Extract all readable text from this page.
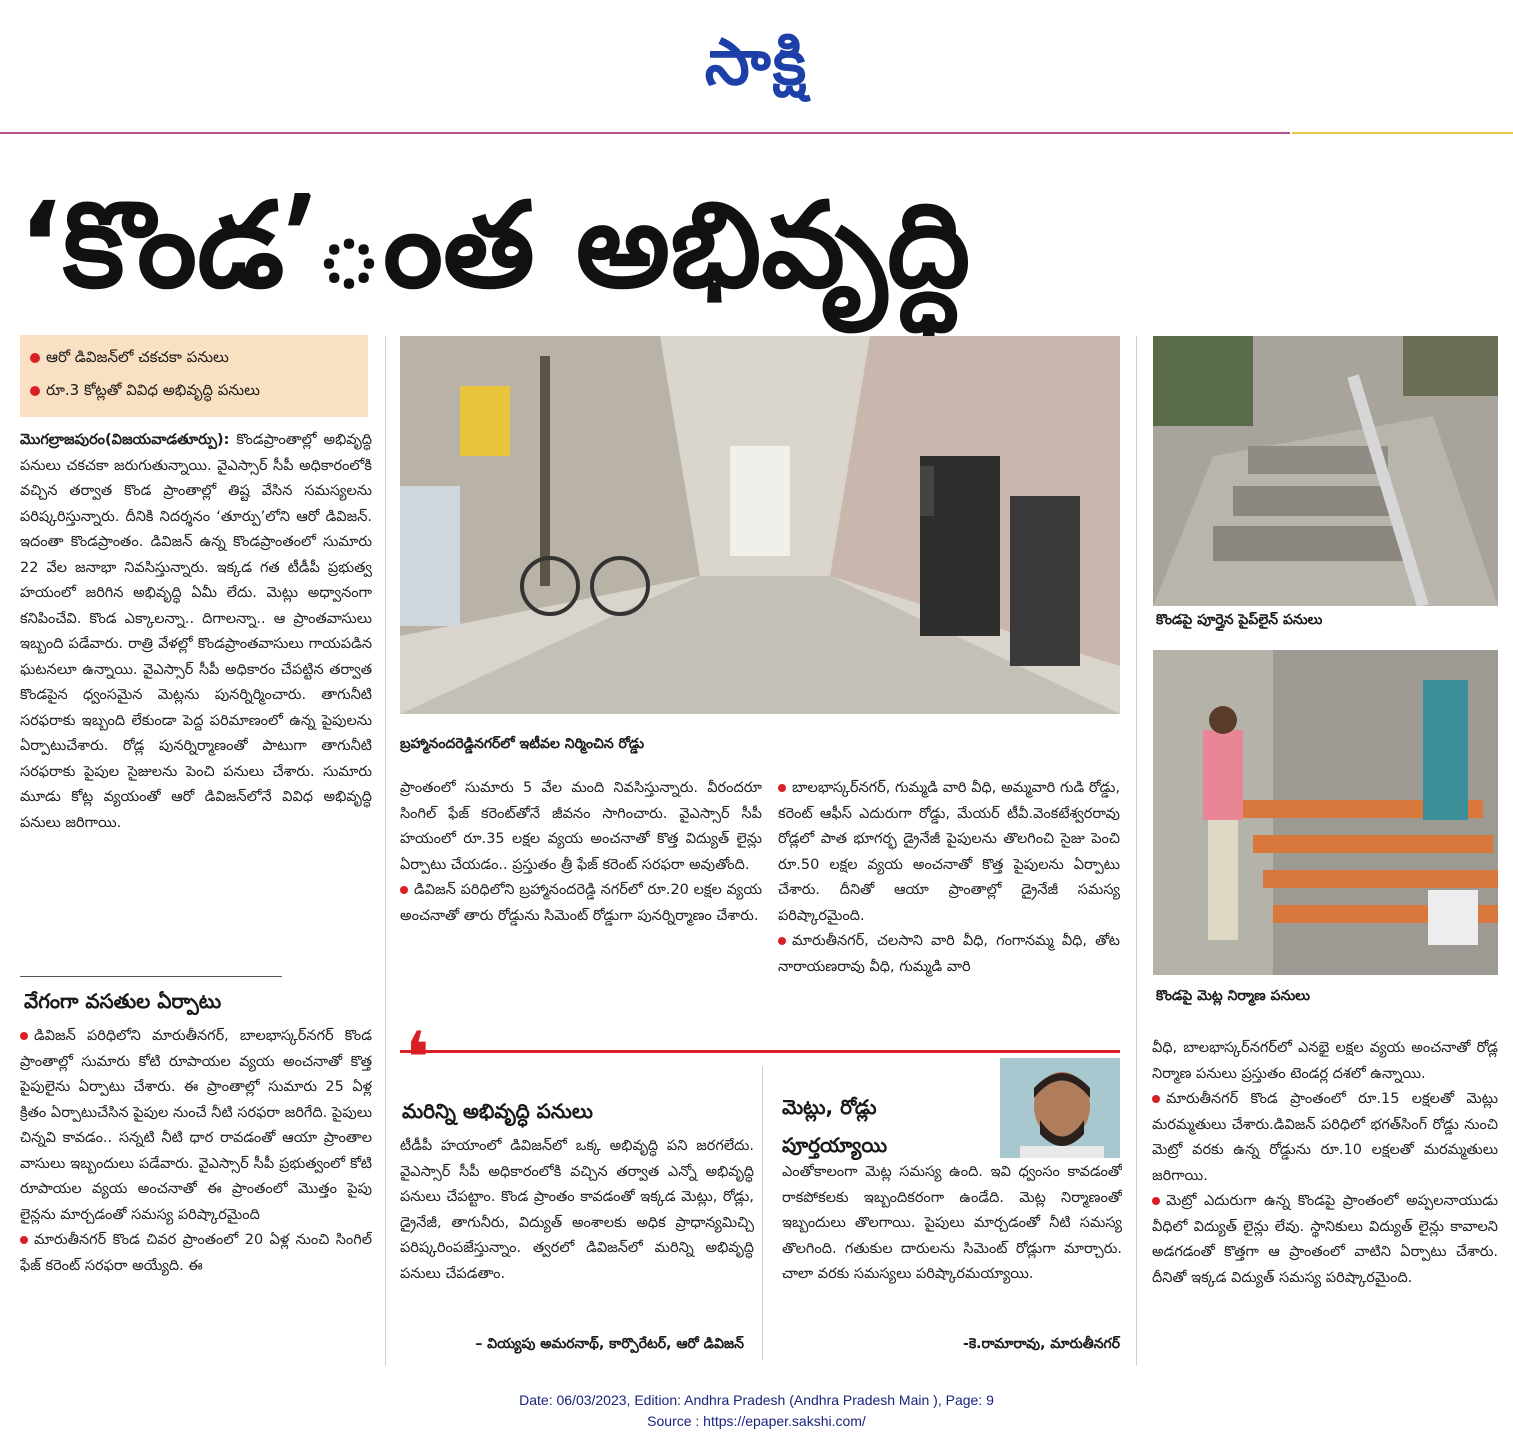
సాక్షి
‘కొండ’ంత అభివృద్ధి
ఆరో డివిజన్‌లో చకచకా పనులు
రూ.3 కోట్లతో వివిధ అభివృద్ధి పనులు

మొగల్రాజపురం(విజయవాడతూర్పు): కొండప్రాంతాల్లో అభివృద్ధి పనులు చకచకా జరుగుతున్నాయి. వైఎస్సార్‌ సీపీ అధికారంలోకి వచ్చిన తర్వాత కొండ ప్రాంతాల్లో తిష్ట వేసిన సమస్యలను పరిష్కరిస్తున్నారు. దీనికి నిదర్శనం ‘తూర్పు’లోని ఆరో డివిజన్‌. ఇదంతా కొండప్రాంతం. డివిజన్‌ ఉన్న కొండప్రాంతంలో సుమారు 22 వేల జనాభా నివసిస్తున్నారు. ఇక్కడ గత టీడీపీ ప్రభుత్వ హయంలో జరిగిన అభివృద్ధి ఏమీ లేదు. మెట్లు అధ్వానంగా కనిపించేవి. కొండ ఎక్కాలన్నా.. దిగాలన్నా.. ఆ ప్రాంతవాసులు ఇబ్బంది పడేవారు. రాత్రి వేళల్లో కొండప్రాంతవాసులు గాయపడిన ఘటనలూ ఉన్నాయి. వైఎస్సార్‌ సీపీ అధికారం చేపట్టిన తర్వాత కొండపైన ధ్వంసమైన మెట్లను పునర్నిర్మించారు. తాగునీటి సరఫరాకు ఇబ్బంది లేకుండా పెద్ద పరిమాణంలో ఉన్న పైపులను ఏర్పాటుచేశారు. రోడ్ల పునర్నిర్మాణంతో పాటుగా తాగునీటి సరఫరాకు పైపుల సైజులను పెంచి పనులు చేశారు. సుమారు మూడు కోట్ల వ్యయంతో ఆరో డివిజన్‌లోనే వివిధ అభివృద్ధి పనులు జరిగాయి.

వేగంగా వసతుల ఏర్పాటు

డివిజన్‌ పరిధిలోని మారుతీనగర్, బాలభాస్కర్‌నగర్‌ కొండ ప్రాంతాల్లో సుమారు కోటి రూపాయల వ్యయ అంచనాతో కొత్త పైపులైను ఏర్పాటు చేశారు. ఈ ప్రాంతాల్లో సుమారు 25 ఏళ్ల క్రితం ఏర్పాటుచేసిన పైపుల నుంచే నీటి సరఫరా జరిగేది. పైపులు చిన్నవి కావడం.. సన్నటి నీటి ధార రావడంతో ఆయా ప్రాంతాల వాసులు ఇబ్బందులు పడేవారు. వైఎస్సార్‌ సీపీ ప్రభుత్వంలో కోటి రూపాయల వ్యయ అంచనాతో ఈ ప్రాంతంలో మొత్తం పైపు లైన్లను మార్చడంతో సమస్య పరిష్కారమైంది

మారుతీనగర్‌ కొండ చివర ప్రాంతంలో 20 ఏళ్ల నుంచి సింగిల్‌ ఫేజ్‌ కరెంట్‌ సరఫరా అయ్యేది. ఈ

బ్రహ్మానందరెడ్డినగర్‌లో ఇటీవల నిర్మించిన రోడ్డు

ప్రాంతంలో సుమారు 5 వేల మంది నివసిస్తున్నారు. వీరందరూ సింగిల్‌ ఫేజ్‌ కరెంట్‌తోనే జీవనం సాగించారు. వైఎస్సార్‌ సీపీ హయంలో రూ.35 లక్షల వ్యయ అంచనాతో కొత్త విద్యుత్‌ లైన్లు ఏర్పాటు చేయడం.. ప్రస్తుతం త్రీ ఫేజ్‌ కరెంట్‌ సరఫరా అవుతోంది.

డివిజన్‌ పరిధిలోని బ్రహ్మానందరెడ్డి నగర్‌లో రూ.20 లక్షల వ్యయ అంచనాతో తారు రోడ్డును సిమెంట్‌ రోడ్డుగా పునర్నిర్మాణం చేశారు.

బాలభాస్కర్‌నగర్, గుమ్మడి వారి వీధి, అమ్మవారి గుడి రోడ్డు, కరెంట్‌ ఆఫీస్‌ ఎదురుగా రోడ్డు, మేయర్‌ టీవీ.వెంకటేశ్వరరావు రోడ్లలో పాత భూగర్భ డ్రైనేజీ పైపులను తొలగించి సైజు పెంచి రూ.50 లక్షల వ్యయ అంచనాతో కొత్త పైపులను ఏర్పాటు చేశారు. దీనితో ఆయా ప్రాంతాల్లో డ్రైనేజీ సమస్య పరిష్కారమైంది.

మారుతీనగర్, చలసాని వారి వీధి, గంగానమ్మ వీధి, తోట నారాయణరావు వీధి, గుమ్మడి వారి

❛
మరిన్ని అభివృద్ధి పనులు

టీడీపీ హయాంలో డివిజన్‌లో ఒక్క అభివృద్ధి పని జరగలేదు. వైఎస్సార్‌ సీపీ అధికారంలోకి వచ్చిన తర్వాత ఎన్నో అభివృద్ధి పనులు చేపట్టాం. కొండ ప్రాంతం కావడంతో ఇక్కడ మెట్లు, రోడ్లు, డ్రైనేజీ, తాగునీరు, విద్యుత్‌ అంశాలకు అధిక ప్రాధాన్యమిచ్చి పరిష్కరింపజేస్తున్నాం. త్వరలో డివిజన్‌లో మరిన్ని అభివృద్ధి పనులు చేపడతాం.

– వియ్యపు అమరనాథ్, కార్పొరేటర్, ఆరో డివిజన్‌
మెట్లు, రోడ్లు
పూర్తయ్యాయి

ఎంతోకాలంగా మెట్ల సమస్య ఉంది. ఇవి ధ్వంసం కావడంతో రాకపోకలకు ఇబ్బందికరంగా ఉండేది. మెట్ల నిర్మాణంతో ఇబ్బందులు తొలగాయి. పైపులు మార్చడంతో నీటి సమస్య తొలగింది. గతుకుల దారులను సిమెంట్‌ రోడ్లుగా మార్చారు. చాలా వరకు సమస్యలు పరిష్కారమయ్యాయి.

-కె.రామారావు, మారుతీనగర్‌
కొండపై పూర్తైన పైప్‌లైన్‌ పనులు
కొండపై మెట్ల నిర్మాణ పనులు

వీధి, బాలభాస్కర్‌నగర్‌లో ఎనభై లక్షల వ్యయ అంచనాతో రోడ్ల నిర్మాణ పనులు ప్రస్తుతం టెండర్ల దశలో ఉన్నాయి.

మారుతీనగర్‌ కొండ ప్రాంతంలో రూ.15 లక్షలతో మెట్లు మరమ్మతులు చేశారు.డివిజన్‌ పరిధిలో భగత్‌సింగ్‌ రోడ్డు నుంచి మెట్రో వరకు ఉన్న రోడ్డును రూ.10 లక్షలతో మరమ్మతులు జరిగాయి.

మెట్రో ఎదురుగా ఉన్న కొండపై ప్రాంతంలో అప్పలనాయుడు వీధిలో విద్యుత్‌ లైన్లు లేవు. స్థానికులు విద్యుత్‌ లైన్లు కావాలని అడగడంతో కొత్తగా ఆ ప్రాంతంలో వాటిని ఏర్పాటు చేశారు. దీనితో ఇక్కడ విద్యుత్‌ సమస్య పరిష్కారమైంది.

Date: 06/03/2023, Edition: Andhra Pradesh (Andhra Pradesh Main ), Page: 9
Source : https://epaper.sakshi.com/
